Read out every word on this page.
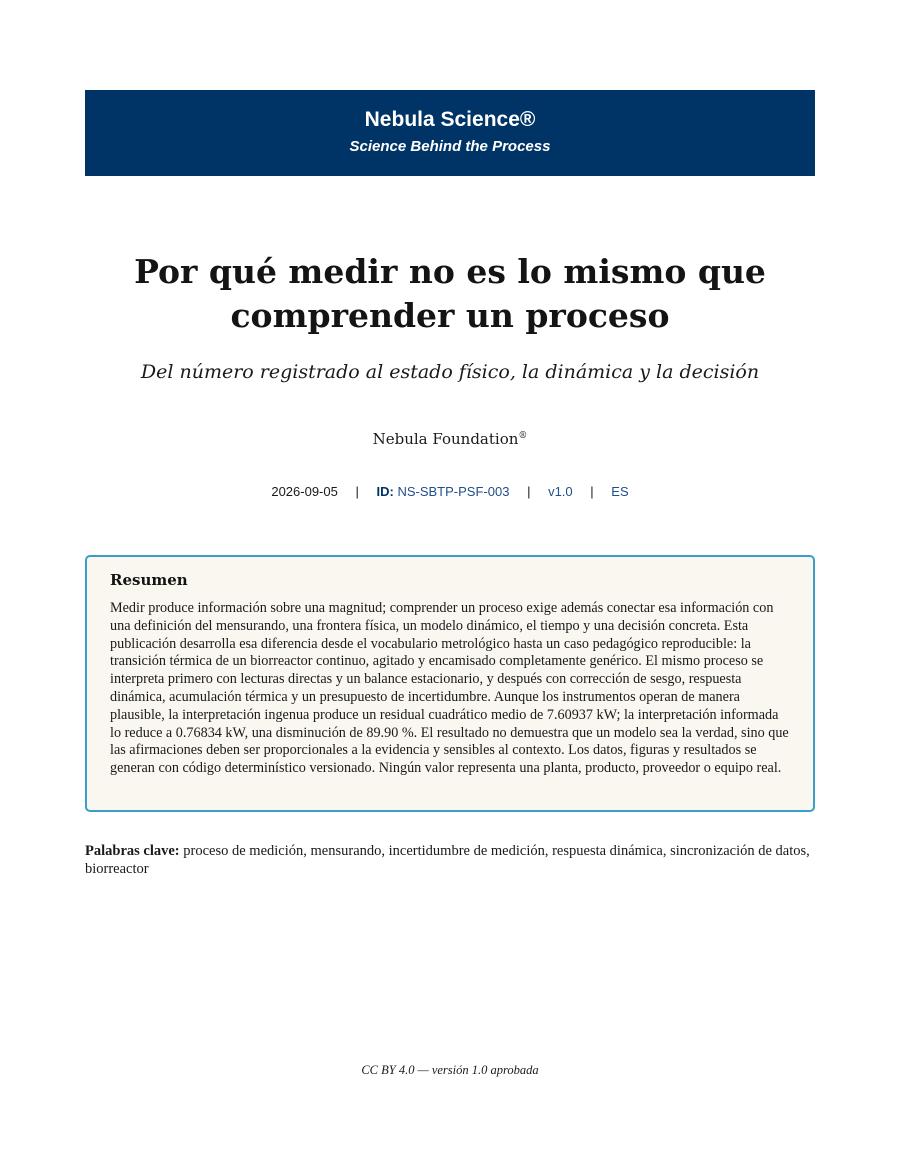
Nebula Science®
Science Behind the Process
Por qué medir no es lo mismo que comprender un proceso
Del número registrado al estado físico, la dinámica y la decisión
Nebula Foundation®
2026-09-05 | ID: NS-SBTP-PSF-003 | v1.0 | ES
Resumen
Medir produce información sobre una magnitud; comprender un proceso exige además conectar esa información con una definición del mensurando, una frontera física, un modelo dinámico, el tiempo y una decisión concreta. Esta publicación desarrolla esa diferencia desde el vocabulario metrológico hasta un caso pedagógico reproducible: la transición térmica de un biorreactor continuo, agitado y encamisado completamente genérico. El mismo proceso se interpreta primero con lecturas directas y un balance estacionario, y después con corrección de sesgo, respuesta dinámica, acumulación térmica y un presupuesto de incertidumbre. Aunque los instrumentos operan de manera plausible, la interpretación ingenua produce un residual cuadrático medio de 7.60937 kW; la interpretación informada lo reduce a 0.76834 kW, una disminución de 89.90 %. El resultado no demuestra que un modelo sea la verdad, sino que las afirmaciones deben ser proporcionales a la evidencia y sensibles al contexto. Los datos, figuras y resultados se generan con código determinístico versionado. Ningún valor representa una planta, producto, proveedor o equipo real.
Palabras clave: proceso de medición, mensurando, incertidumbre de medición, respuesta dinámica, sincronización de datos, biorreactor
CC BY 4.0 — versión 1.0 aprobada
